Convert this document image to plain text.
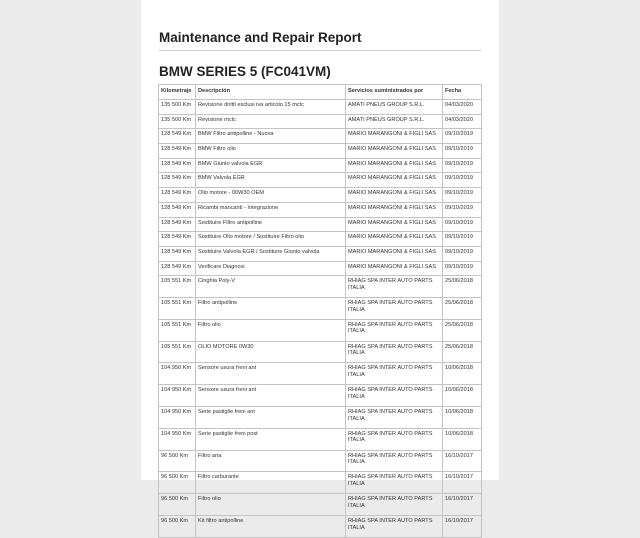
Maintenance and Repair Report
BMW SERIES 5 (FC041VM)
Kilometraje	Descripción	Servicios suministrados por	Fecha
135 500 Km	Revisione diritti esclusi iva articolo 15 mctc	AMATI PNEUS GROUP S.R.L.	04/03/2020
135 500 Km	Revisione mctc	AMATI PNEUS GROUP S.R.L.	04/03/2020
128 549 Km	BMW Filtro antipolline - Nuova	MARIO MARANGONI & FIGLI SAS	09/10/2019
128 549 Km	BMW Filtro olio	MARIO MARANGONI & FIGLI SAS	09/10/2019
128 549 Km	BMW Giunto valvola EGR	MARIO MARANGONI & FIGLI SAS	09/10/2019
128 549 Km	BMW Valvola EGR	MARIO MARANGONI & FIGLI SAS	09/10/2019
128 549 Km	Olio motore - 00W30 OEM	MARIO MARANGONI & FIGLI SAS	09/10/2019
128 549 Km	Ricambi mancanti - Integrazione	MARIO MARANGONI & FIGLI SAS	09/10/2019
128 549 Km	Sostituire Filtro antipolline	MARIO MARANGONI & FIGLI SAS	09/10/2019
128 549 Km	Sostituire Olio motore / Sostituire Filtro olio	MARIO MARANGONI & FIGLI SAS	09/10/2019
128 549 Km	Sostituire Valvola EGR / Sostituire Giunto valvola	MARIO MARANGONI & FIGLI SAS	09/10/2019
128 549 Km	Verificare Diagnosi	MARIO MARANGONI & FIGLI SAS	09/10/2019
105 551 Km	Cinghia Poly-V	RHIAG SPA INTER AUTO PARTS ITALIA	25/06/2018
105 551 Km	Filtro antipolline	RHIAG SPA INTER AUTO PARTS ITALIA	25/06/2018
105 551 Km	Filtro olio	RHIAG SPA INTER AUTO PARTS ITALIA	25/06/2018
105 551 Km	OLIO MOTORE 0W30	RHIAG SPA INTER AUTO PARTS ITALIA	25/06/2018
104 950 Km	Sensore usura freni ant	RHIAG SPA INTER AUTO PARTS ITALIA	10/06/2018
104 950 Km	Sensore usura freni ant	RHIAG SPA INTER AUTO PARTS ITALIA	10/06/2018
104 950 Km	Serie pastiglie freni ant	RHIAG SPA INTER AUTO PARTS ITALIA	10/06/2018
104 950 Km	Serie pastiglie freni post	RHIAG SPA INTER AUTO PARTS ITALIA	10/06/2018
96 500 Km	Filtro aria	RHIAG SPA INTER AUTO PARTS ITALIA	16/10/2017
96 500 Km	Filtro carburante	RHIAG SPA INTER AUTO PARTS ITALIA	16/10/2017
96 500 Km	Filtro olio	RHIAG SPA INTER AUTO PARTS ITALIA	16/10/2017
96 500 Km	Kit filtro antipolline	RHIAG SPA INTER AUTO PARTS ITALIA	16/10/2017
